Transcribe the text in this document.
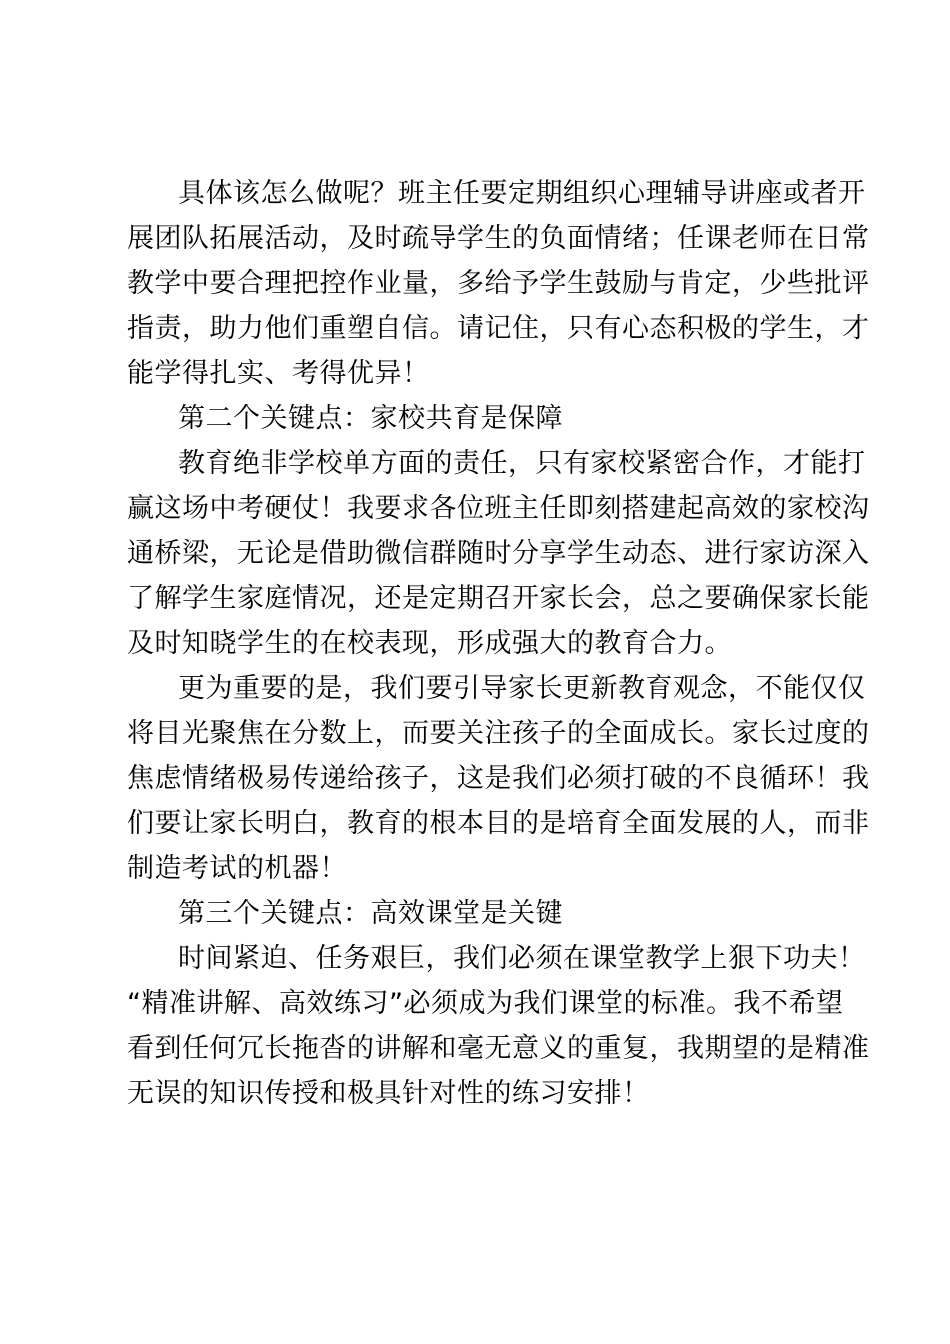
具体该怎么做呢？班主任要定期组织心理辅导讲座或者开
展团队拓展活动，及时疏导学生的负面情绪；任课老师在日常
教学中要合理把控作业量，多给予学生鼓励与肯定，少些批评
指责，助力他们重塑自信。请记住，只有心态积极的学生，才
能学得扎实、考得优异！
第二个关键点：家校共育是保障
教育绝非学校单方面的责任，只有家校紧密合作，才能打
赢这场中考硬仗！我要求各位班主任即刻搭建起高效的家校沟
通桥梁，无论是借助微信群随时分享学生动态、进行家访深入
了解学生家庭情况，还是定期召开家长会，总之要确保家长能
及时知晓学生的在校表现，形成强大的教育合力。
更为重要的是，我们要引导家长更新教育观念，不能仅仅
将目光聚焦在分数上，而要关注孩子的全面成长。家长过度的
焦虑情绪极易传递给孩子，这是我们必须打破的不良循环！我
们要让家长明白，教育的根本目的是培育全面发展的人，而非
制造考试的机器！
第三个关键点：高效课堂是关键
时间紧迫、任务艰巨，我们必须在课堂教学上狠下功夫！
“精准讲解、高效练习”必须成为我们课堂的标准。我不希望
看到任何冗长拖沓的讲解和毫无意义的重复，我期望的是精准
无误的知识传授和极具针对性的练习安排！
